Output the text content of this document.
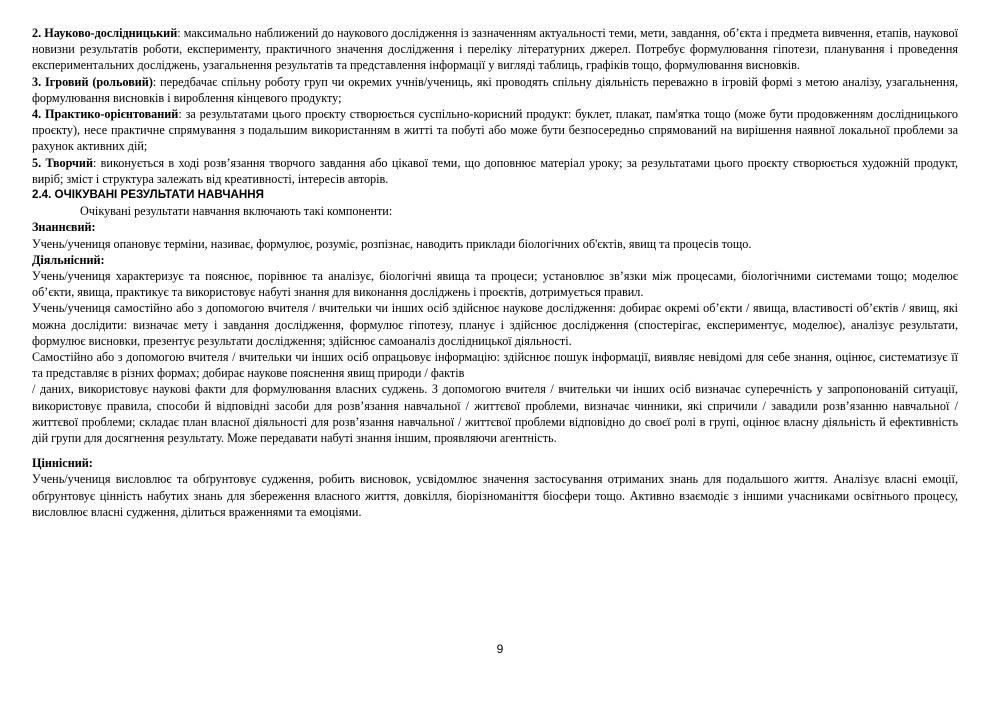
2. Науково-дослідницький: максимально наближений до наукового дослідження із зазначенням актуальності теми, мети, завдання, об’єкта і предмета вивчення, етапів, наукової новизни результатів роботи, експерименту, практичного значення дослідження і переліку літературних джерел. Потребує формулювання гіпотези, планування і проведення експериментальних досліджень, узагальнення результатів та представлення інформації у вигляді таблиць, графіків тощо, формулювання висновків.

3. Ігровий (рольовий): передбачає спільну роботу груп чи окремих учнів/учениць, які проводять спільну діяльність переважно в ігровій формі з метою аналізу, узагальнення, формулювання висновків і вироблення кінцевого продукту;

4. Практико-орієнтований: за результатами цього проєкту створюється суспільно-корисний продукт: буклет, плакат, пам'ятка тощо (може бути продовженням дослідницького проєкту), несе практичне спрямування з подальшим використанням в житті та побуті або може бути безпосередньо спрямований на вирішення наявної локальної проблеми за рахунок активних дій;

5. Творчий: виконується в ході розв’язання творчого завдання або цікавої теми, що доповнює матеріал уроку; за результатами цього проєкту створюється художній продукт, виріб; зміст і структура залежать від креативності, інтересів авторів.

2.4. ОЧІКУВАНІ РЕЗУЛЬТАТИ НАВЧАННЯ

Очікувані результати навчання включають такі компоненти:

Знаннєвий:

Учень/учениця опановує терміни, називає, формулює, розуміє, розпізнає, наводить приклади біологічних об'єктів, явищ та процесів тощо.

Діяльнісний:

Учень/учениця характеризує та пояснює, порівнює та аналізує, біологічні явища та процеси; установлює зв’язки між процесами, біологічними системами тощо; моделює об’єкти, явища, практикує та використовує набуті знання для виконання досліджень і проєктів, дотримується правил.

Учень/учениця самостійно або з допомогою вчителя / вчительки чи інших осіб здійснює наукове дослідження: добирає окремі об’єкти / явища, властивості об’єктів / явищ, які можна дослідити: визначає мету і завдання дослідження, формулює гіпотезу, планує і здійснює дослідження (спостерігає, експериментує, моделює), аналізує результати, формулює висновки, презентує результати дослідження; здійснює самоаналіз дослідницької діяльності.

Самостійно або з допомогою вчителя / вчительки чи інших осіб опрацьовує інформацію: здійснює пошук інформації, виявляє невідомі для себе знання, оцінює, систематизує її та представляє в різних формах; добирає наукове пояснення явищ природи / фактів

/ даних, використовує наукові факти для формулювання власних суджень. З допомогою вчителя / вчительки чи інших осіб визначає суперечність у запропонованій ситуації, використовує правила, способи й відповідні засоби для розв’язання навчальної / життєвої проблеми, визначає чинники, які спричили / завадили розв’язанню навчальної / життєвої проблеми; складає план власної діяльності для розв’язання навчальної / життєвої проблеми відповідно до своєї ролі в групі, оцінює власну діяльність й ефективність дій групи для досягнення результату. Може передавати набуті знання іншим, проявляючи агентність.

Ціннісний:

Учень/учениця висловлює та обґрунтовує судження, робить висновок, усвідомлює значення застосування отриманих знань для подальшого життя. Аналізує власні емоції, обґрунтовує цінність набутих знань для збереження власного життя, довкілля, біорізноманіття біосфери тощо. Активно взаємодіє з іншими учасниками освітнього процесу, висловлює власні судження, ділиться враженнями та емоціями.

9
